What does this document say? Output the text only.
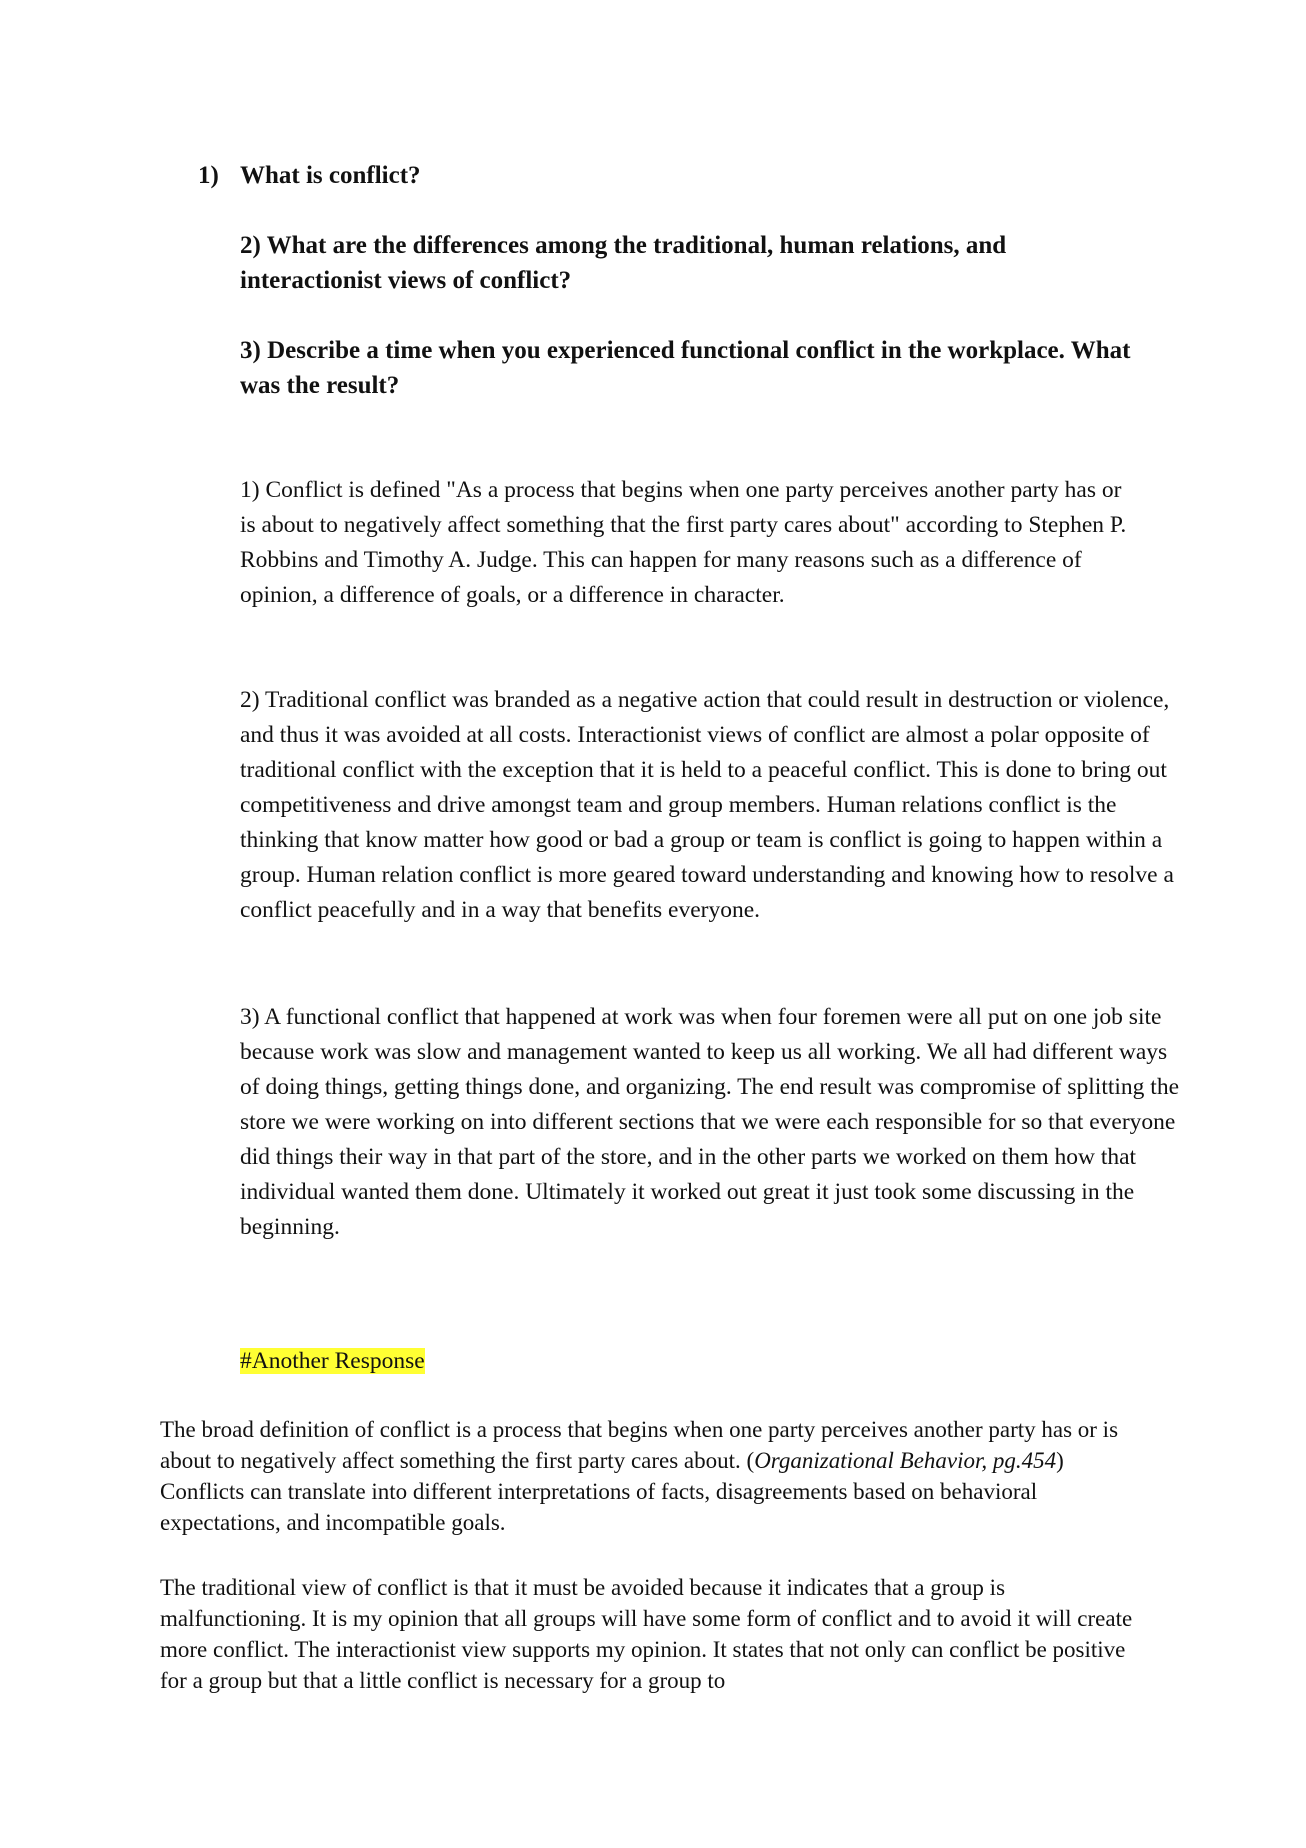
1) What is conflict?
2) What are the differences among the traditional, human relations, and interactionist views of conflict?
3) Describe a time when you experienced functional conflict in the workplace. What was the result?
1) Conflict is defined "As a process that begins when one party perceives another party has or is about to negatively affect something that the first party cares about" according to Stephen P. Robbins and Timothy A. Judge. This can happen for many reasons such as a difference of opinion, a difference of goals, or a difference in character.
2) Traditional conflict was branded as a negative action that could result in destruction or violence, and thus it was avoided at all costs. Interactionist views of conflict are almost a polar opposite of traditional conflict with the exception that it is held to a peaceful conflict. This is done to bring out competitiveness and drive amongst team and group members. Human relations conflict is the thinking that know matter how good or bad a group or team is conflict is going to happen within a group. Human relation conflict is more geared toward understanding and knowing how to resolve a conflict peacefully and in a way that benefits everyone.
3) A functional conflict that happened at work was when four foremen were all put on one job site because work was slow and management wanted to keep us all working. We all had different ways of doing things, getting things done, and organizing. The end result was compromise of splitting the store we were working on into different sections that we were each responsible for so that everyone did things their way in that part of the store, and in the other parts we worked on them how that individual wanted them done. Ultimately it worked out great it just took some discussing in the beginning.
#Another Response
The broad definition of conflict is a process that begins when one party perceives another party has or is about to negatively affect something the first party cares about. (Organizational Behavior, pg.454) Conflicts can translate into different interpretations of facts, disagreements based on behavioral expectations, and incompatible goals.
The traditional view of conflict is that it must be avoided because it indicates that a group is malfunctioning. It is my opinion that all groups will have some form of conflict and to avoid it will create more conflict. The interactionist view supports my opinion. It states that not only can conflict be positive for a group but that a little conflict is necessary for a group to
